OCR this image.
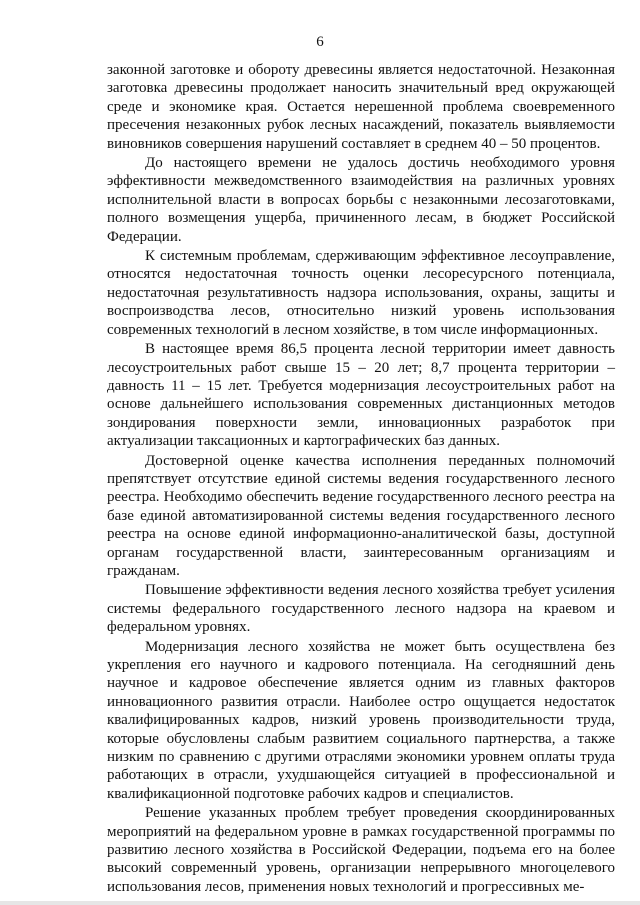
6

законной заготовке и обороту древесины является недостаточной. Незаконная заготовка древесины продолжает наносить значительный вред окружающей среде и экономике края. Остается нерешенной проблема своевременного пресечения незаконных рубок лесных насаждений, показатель выявляемости виновников совершения нарушений составляет в среднем 40 – 50 процентов.

До настоящего времени не удалось достичь необходимого уровня эффективности межведомственного взаимодействия на различных уровнях исполнительной власти в вопросах борьбы с незаконными лесозаготовками, полного возмещения ущерба, причиненного лесам, в бюджет Российской Федерации.

К системным проблемам, сдерживающим эффективное лесоуправление, относятся недостаточная точность оценки лесоресурсного потенциала, недостаточная результативность надзора использования, охраны, защиты и воспроизводства лесов, относительно низкий уровень использования современных технологий в лесном хозяйстве, в том числе информационных.

В настоящее время 86,5 процента лесной территории имеет давность лесоустроительных работ свыше 15 – 20 лет; 8,7 процента территории – давность 11 – 15 лет. Требуется модернизация лесоустроительных работ на основе дальнейшего использования современных дистанционных методов зондирования поверхности земли, инновационных разработок при актуализации таксационных и картографических баз данных.

Достоверной оценке качества исполнения переданных полномочий препятствует отсутствие единой системы ведения государственного лесного реестра. Необходимо обеспечить ведение государственного лесного реестра на базе единой автоматизированной системы ведения государственного лесного реестра на основе единой информационно-аналитической базы, доступной органам государственной власти, заинтересованным организациям и гражданам.

Повышение эффективности ведения лесного хозяйства требует усиления системы федерального государственного лесного надзора на краевом и федеральном уровнях.

Модернизация лесного хозяйства не может быть осуществлена без укрепления его научного и кадрового потенциала. На сегодняшний день научное и кадровое обеспечение является одним из главных факторов инновационного развития отрасли. Наиболее остро ощущается недостаток квалифицированных кадров, низкий уровень производительности труда, которые обусловлены слабым развитием социального партнерства, а также низким по сравнению с другими отраслями экономики уровнем оплаты труда работающих в отрасли, ухудшающейся ситуацией в профессиональной и квалификационной подготовке рабочих кадров и специалистов.

Решение указанных проблем требует проведения скоординированных мероприятий на федеральном уровне в рамках государственной программы по развитию лесного хозяйства в Российской Федерации, подъема его на более высокий современный уровень, организации непрерывного многоцелевого использования лесов, применения новых технологий и прогрессивных ме-
